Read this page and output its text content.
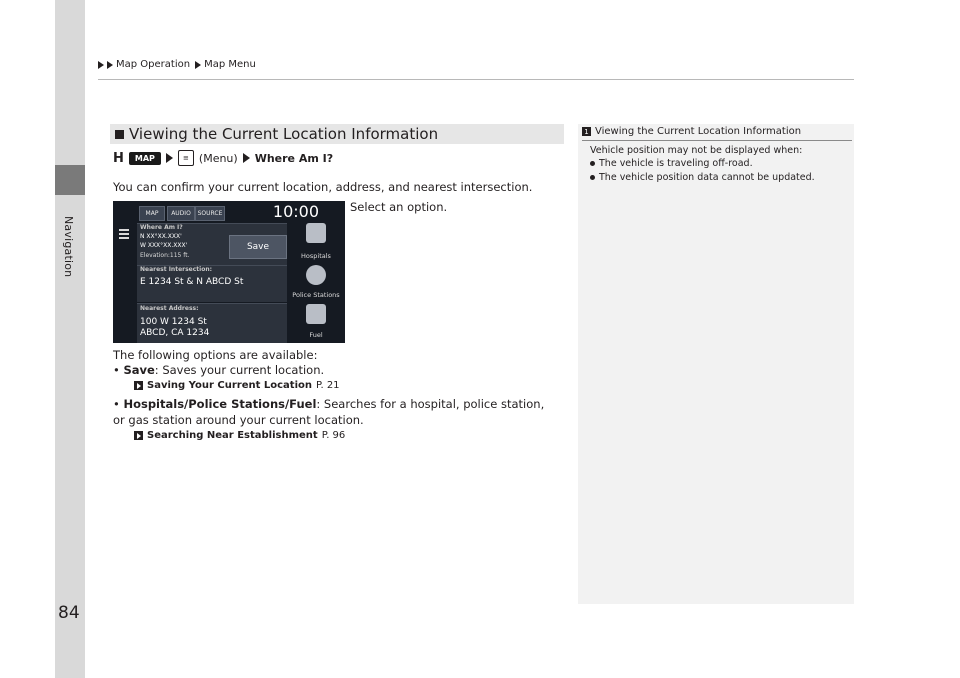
Navigation
Map Operation Map Menu
Viewing the Current Location Information
H	MAP	≡ (Menu) Where Am I?
You can confirm your current location, address, and nearest intersection.
Select an option.
MAP	AUDIO	SOURCE	10:00
Where Am I?
N XX°XX.XXX'
W XXX°XX.XXX'
Elevation:115 ft.
Save
Nearest Intersection:
E 1234 St & N ABCD St
Nearest Address:
100 W 1234 St
ABCD, CA 1234
Hospitals
Police Stations
Fuel
The following options are available:
• Save: Saves your current location.
Saving Your Current Location P. 21
• Hospitals/Police Stations/Fuel: Searches for a hospital, police station, or gas station around your current location.
Searching Near Establishment P. 96
1 Viewing the Current Location Information
Vehicle position may not be displayed when:
The vehicle is traveling off-road.
The vehicle position data cannot be updated.
84
